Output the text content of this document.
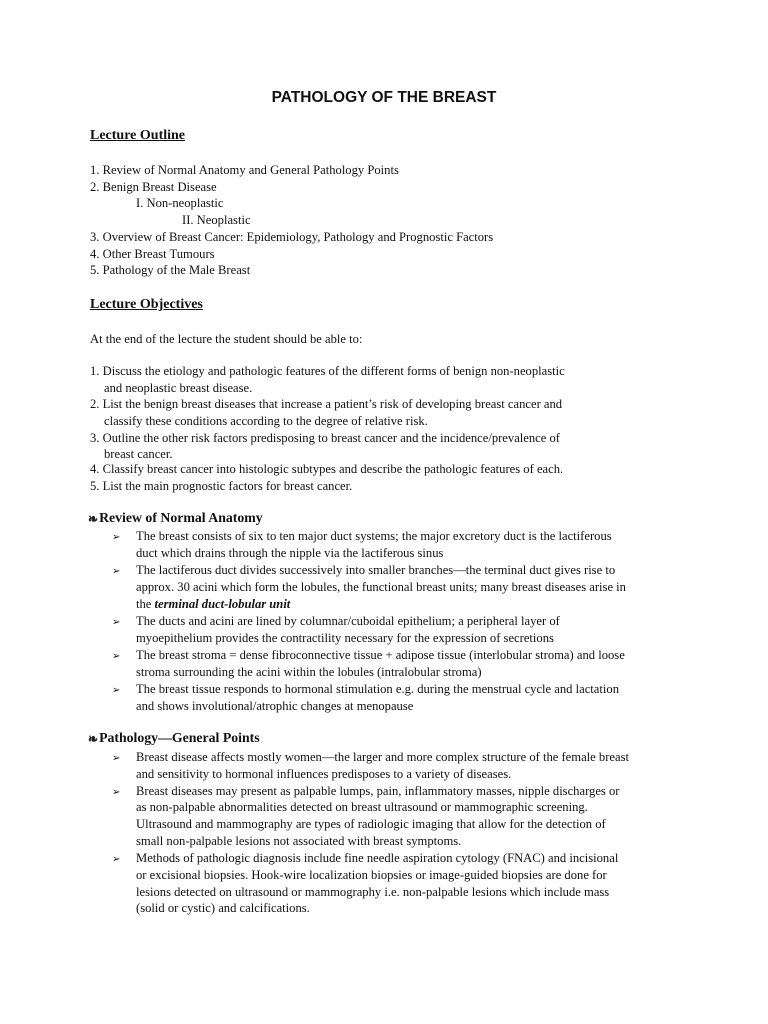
PATHOLOGY OF THE BREAST
Lecture Outline
1. Review of Normal Anatomy and General Pathology Points
2. Benign Breast Disease
I. Non-neoplastic
II. Neoplastic
3. Overview of Breast Cancer: Epidemiology, Pathology and Prognostic Factors
4. Other Breast Tumours
5. Pathology of the Male Breast
Lecture Objectives
At the end of the lecture the student should be able to:
1. Discuss the etiology and pathologic features of the different forms of benign non-neoplastic
and neoplastic breast disease.
2. List the benign breast diseases that increase a patient’s risk of developing breast cancer and
classify these conditions according to the degree of relative risk.
3. Outline the other risk factors predisposing to breast cancer and the incidence/prevalence of
breast cancer.
4. Classify breast cancer into histologic subtypes and describe the pathologic features of each.
5. List the main prognostic factors for breast cancer.
❧Review of Normal Anatomy
➢ The breast consists of six to ten major duct systems; the major excretory duct is the lactiferous
duct which drains through the nipple via the lactiferous sinus
➢ The lactiferous duct divides successively into smaller branches—the terminal duct gives rise to
approx. 30 acini which form the lobules, the functional breast units; many breast diseases arise in
the terminal duct-lobular unit
➢ The ducts and acini are lined by columnar/cuboidal epithelium; a peripheral layer of
myoepithelium provides the contractility necessary for the expression of secretions
➢ The breast stroma = dense fibroconnective tissue + adipose tissue (interlobular stroma) and loose
stroma surrounding the acini within the lobules (intralobular stroma)
➢ The breast tissue responds to hormonal stimulation e.g. during the menstrual cycle and lactation
and shows involutional/atrophic changes at menopause
❧Pathology—General Points
➢ Breast disease affects mostly women—the larger and more complex structure of the female breast
and sensitivity to hormonal influences predisposes to a variety of diseases.
➢ Breast diseases may present as palpable lumps, pain, inflammatory masses, nipple discharges or
as non-palpable abnormalities detected on breast ultrasound or mammographic screening.
Ultrasound and mammography are types of radiologic imaging that allow for the detection of
small non-palpable lesions not associated with breast symptoms.
➢ Methods of pathologic diagnosis include fine needle aspiration cytology (FNAC) and incisional
or excisional biopsies. Hook-wire localization biopsies or image-guided biopsies are done for
lesions detected on ultrasound or mammography i.e. non-palpable lesions which include mass
(solid or cystic) and calcifications.
